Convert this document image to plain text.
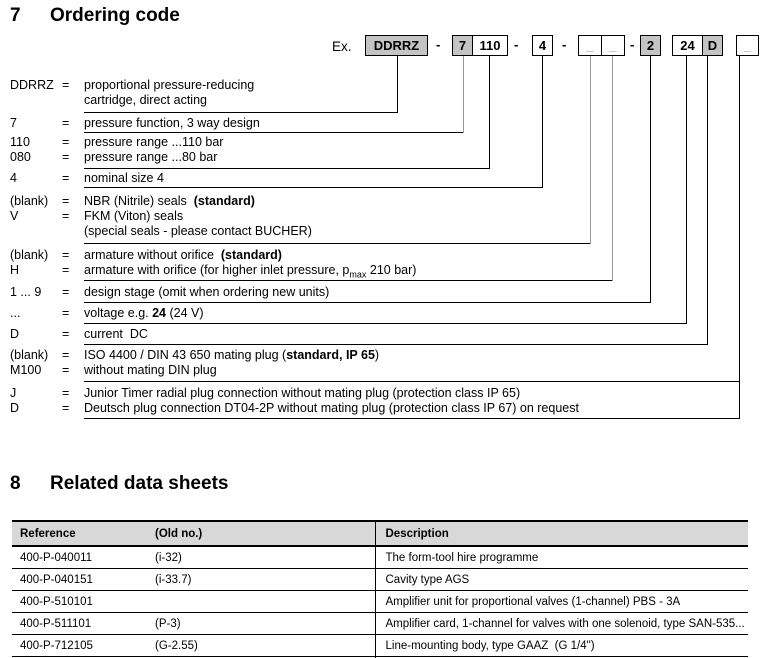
7 Ordering code
Ex.	DDRRZ	7	110	4	_	_	2	24	D	_
-	-	-	-
DDRRZ = proportional pressure-reducing
cartridge, direct acting
7	= pressure function, 3 way design
110	= pressure range ...110 bar
080	= pressure range ...80 bar
4	= nominal size 4
(blank)	= NBR (Nitrile) seals  (standard)
V	= FKM (Viton) seals
(special seals - please contact BUCHER)
(blank)	= armature without orifice  (standard)
H	= armature with orifice (for higher inlet pressure, $p_{max}$ 210 bar)
1 ... 9	= design stage (omit when ordering new units)
...	= voltage e.g. 24 (24 V)
D	= current  DC
(blank)	= ISO 4400 / DIN 43 650 mating plug (standard, IP 65)
M100	= without mating DIN plug
J	= Junior Timer radial plug connection without mating plug (protection class IP 65)
D	= Deutsch plug connection DT04-2P without mating plug (protection class IP 67) on request
8 Related data sheets
Reference	(Old no.)	Description
400-P-040011	(i-32)	The form-tool hire programme
400-P-040151	(i-33.7)	Cavity type AGS
400-P-510101		Amplifier unit for proportional valves (1-channel) PBS - 3A
400-P-511101	(P-3)	Amplifier card, 1-channel for valves with one solenoid, type SAN-535...
400-P-712105	(G-2.55)	Line-mounting body, type GAAZ  (G 1/4")
